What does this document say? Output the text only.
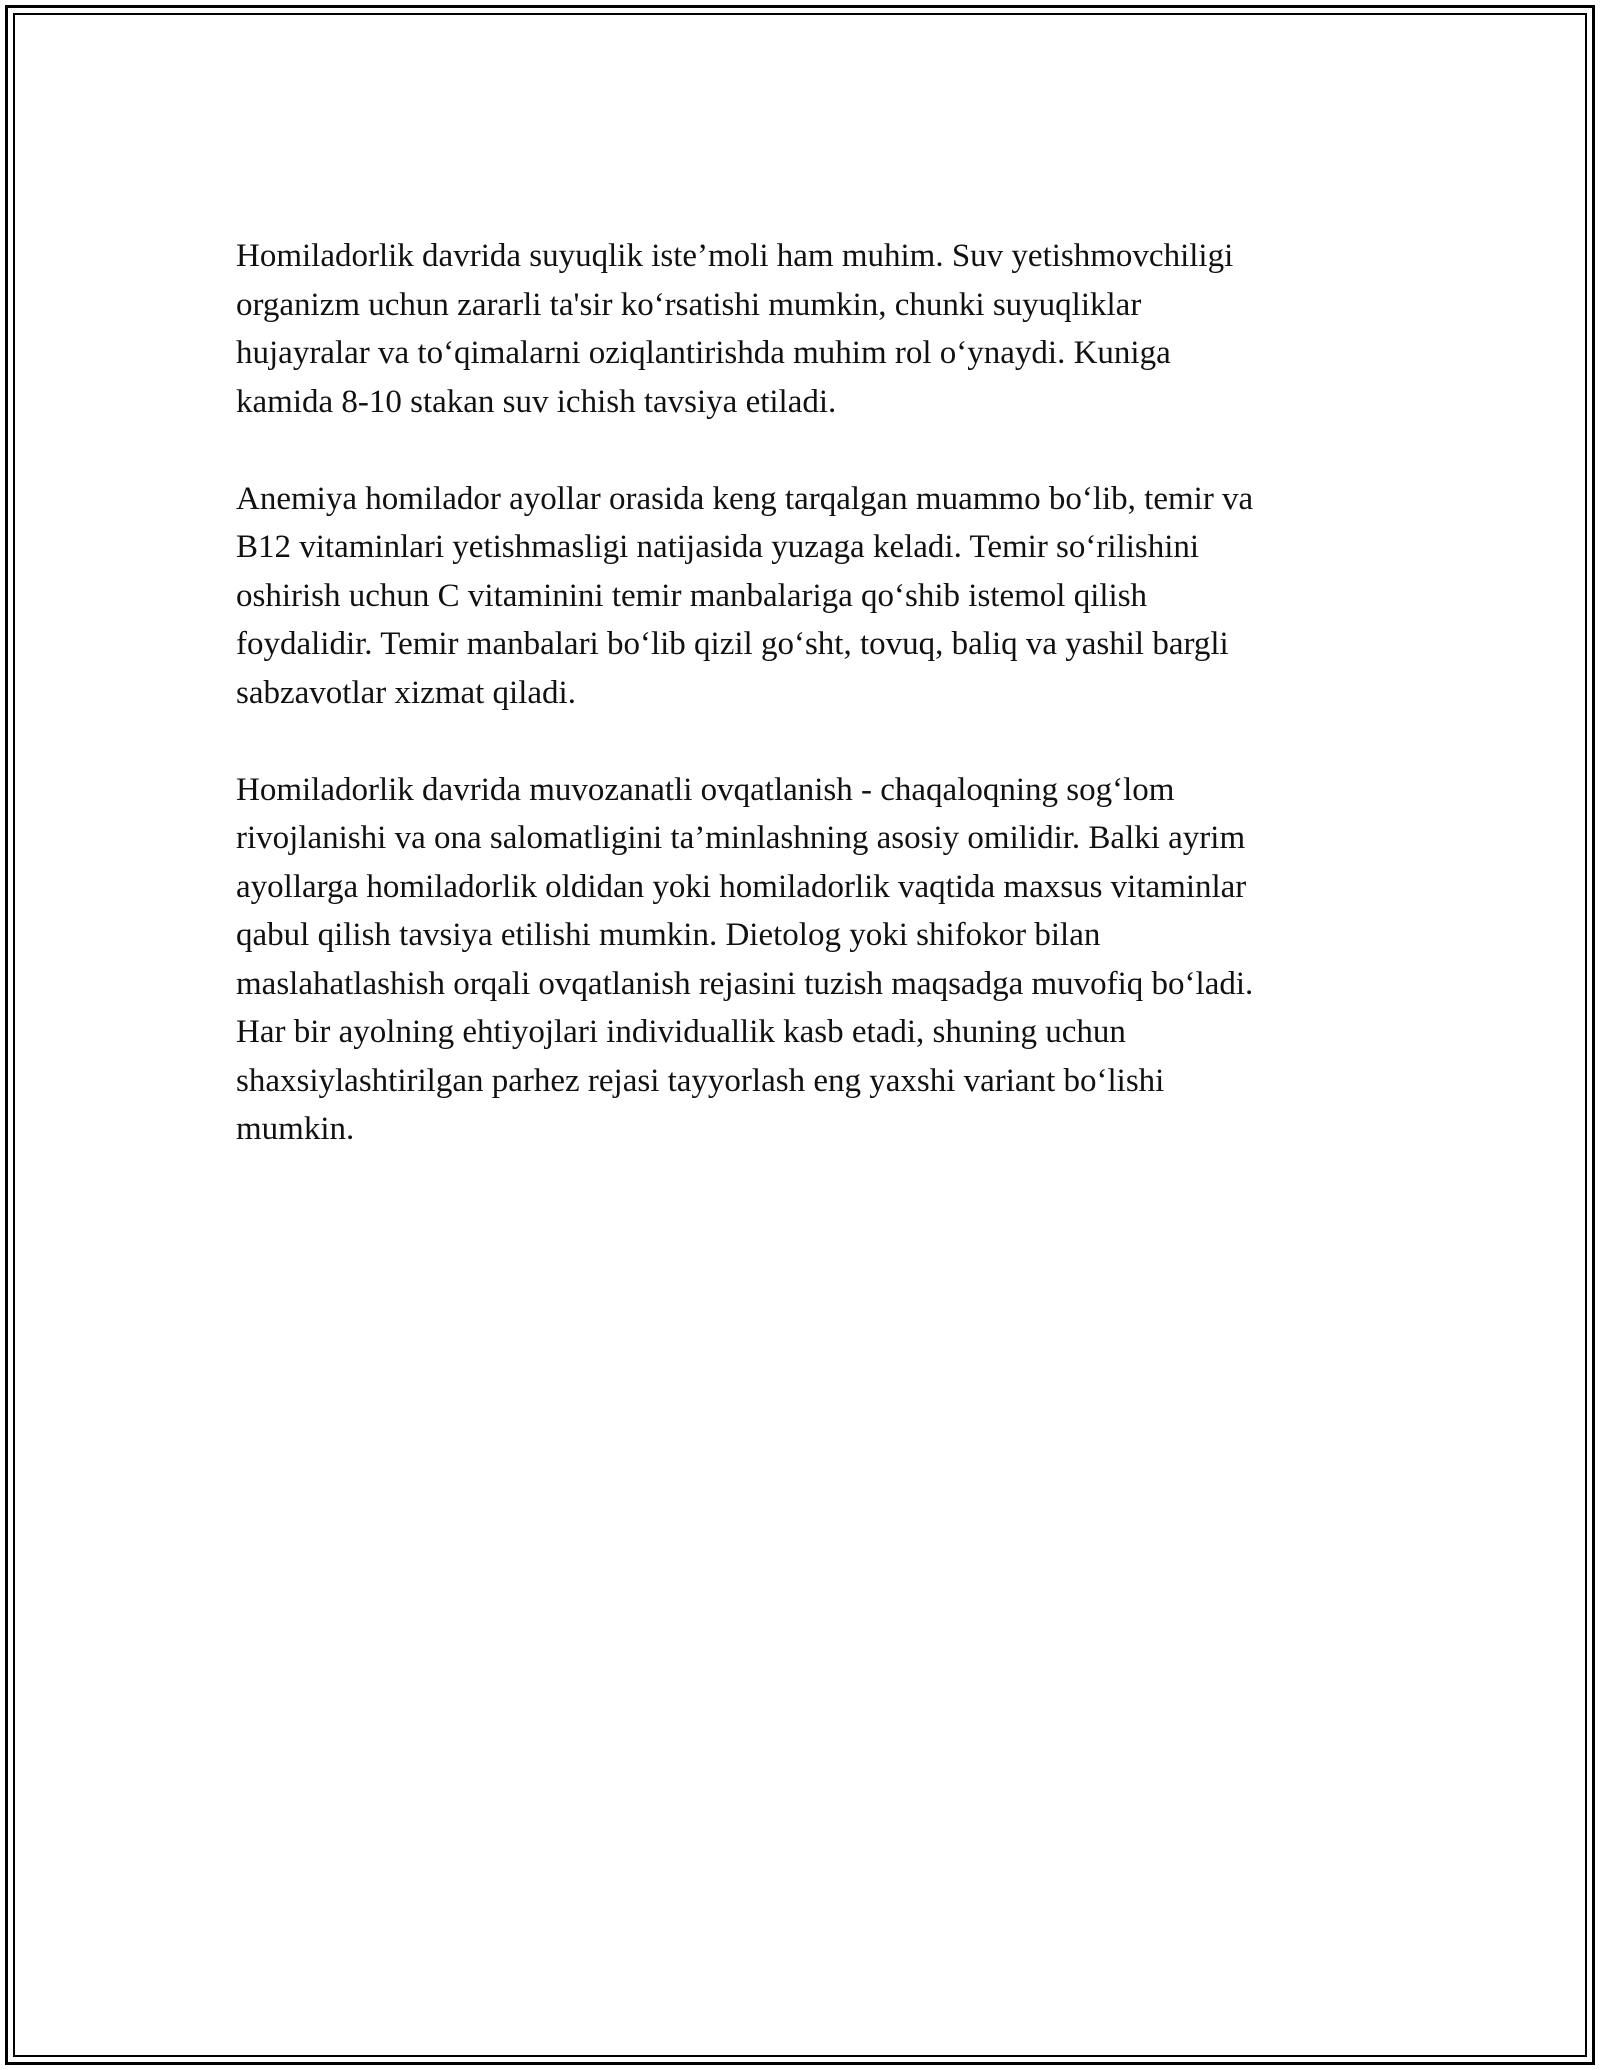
Homiladorlik davrida suyuqlik iste’moli ham muhim. Suv yetishmovchiligi
organizm uchun zararli ta'sir ko‘rsatishi mumkin, chunki suyuqliklar
hujayralar va to‘qimalarni oziqlantirishda muhim rol o‘ynaydi. Kuniga
kamida 8-10 stakan suv ichish tavsiya etiladi.

Anemiya homilador ayollar orasida keng tarqalgan muammo bo‘lib, temir va
B12 vitaminlari yetishmasligi natijasida yuzaga keladi. Temir so‘rilishini
oshirish uchun C vitaminini temir manbalariga qo‘shib istemol qilish
foydalidir. Temir manbalari bo‘lib qizil go‘sht, tovuq, baliq va yashil bargli
sabzavotlar xizmat qiladi.

Homiladorlik davrida muvozanatli ovqatlanish - chaqaloqning sog‘lom
rivojlanishi va ona salomatligini ta’minlashning asosiy omilidir. Balki ayrim
ayollarga homiladorlik oldidan yoki homiladorlik vaqtida maxsus vitaminlar
qabul qilish tavsiya etilishi mumkin. Dietolog yoki shifokor bilan
maslahatlashish orqali ovqatlanish rejasini tuzish maqsadga muvofiq bo‘ladi.
Har bir ayolning ehtiyojlari individuallik kasb etadi, shuning uchun
shaxsiylashtirilgan parhez rejasi tayyorlash eng yaxshi variant bo‘lishi
mumkin.
